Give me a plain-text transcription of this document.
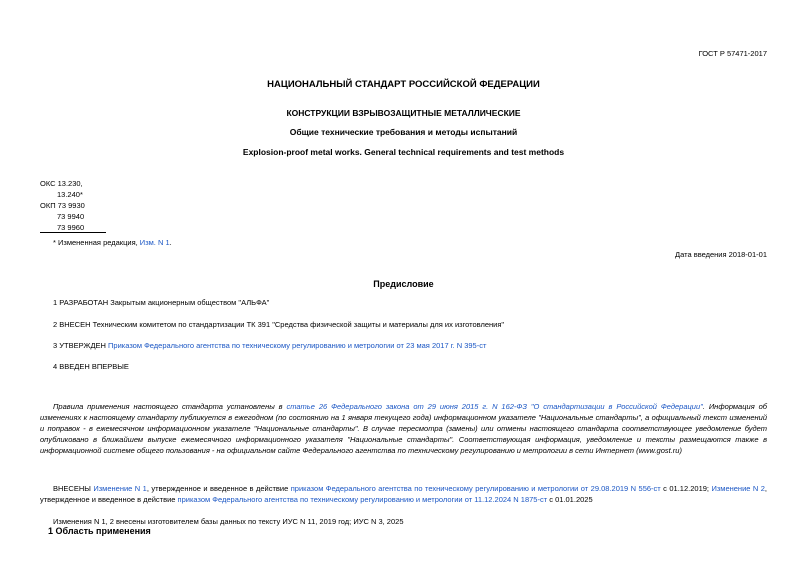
ГОСТ Р 57471-2017
НАЦИОНАЛЬНЫЙ СТАНДАРТ РОССИЙСКОЙ ФЕДЕРАЦИИ
КОНСТРУКЦИИ ВЗРЫВОЗАЩИТНЫЕ МЕТАЛЛИЧЕСКИЕ
Общие технические требования и методы испытаний
Explosion-proof metal works. General technical requirements and test methods
ОКС 13.230,
13.240*
ОКП 73 9930
73 9940
73 9960
* Измененная редакция, Изм. N 1.
Дата введения 2018-01-01
Предисловие
1 РАЗРАБОТАН Закрытым акционерным обществом "АЛЬФА"
2 ВНЕСЕН Техническим комитетом по стандартизации ТК 391 "Средства физической защиты и материалы для их изготовления"
3 УТВЕРЖДЕН Приказом Федерального агентства по техническому регулированию и метрологии от 23 мая 2017 г. N 395-ст
4 ВВЕДЕН ВПЕРВЫЕ
Правила применения настоящего стандарта установлены в статье 26 Федерального закона от 29 июня 2015 г. N 162-ФЗ "О стандартизации в Российской Федерации". Информация об изменениях к настоящему стандарту публикуется в ежегодном (по состоянию на 1 января текущего года) информационном указателе "Национальные стандарты", а официальный текст изменений и поправок - в ежемесячном информационном указателе "Национальные стандарты". В случае пересмотра (замены) или отмены настоящего стандарта соответствующее уведомление будет опубликовано в ближайшем выпуске ежемесячного информационного указателя "Национальные стандарты". Соответствующая информация, уведомление и тексты размещаются также в информационной системе общего пользования - на официальном сайте Федерального агентства по техническому регулированию и метрологии в сети Интернет (www.gost.ru)
ВНЕСЕНЫ Изменение N 1, утвержденное и введенное в действие приказом Федерального агентства по техническому регулированию и метрологии от 29.08.2019 N 556-ст с 01.12.2019; Изменение N 2, утвержденное и введенное в действие приказом Федерального агентства по техническому регулированию и метрологии от 11.12.2024 N 1875-ст с 01.01.2025
Изменения N 1, 2 внесены изготовителем базы данных по тексту ИУС N 11, 2019 год; ИУС N 3, 2025
1 Область применения
